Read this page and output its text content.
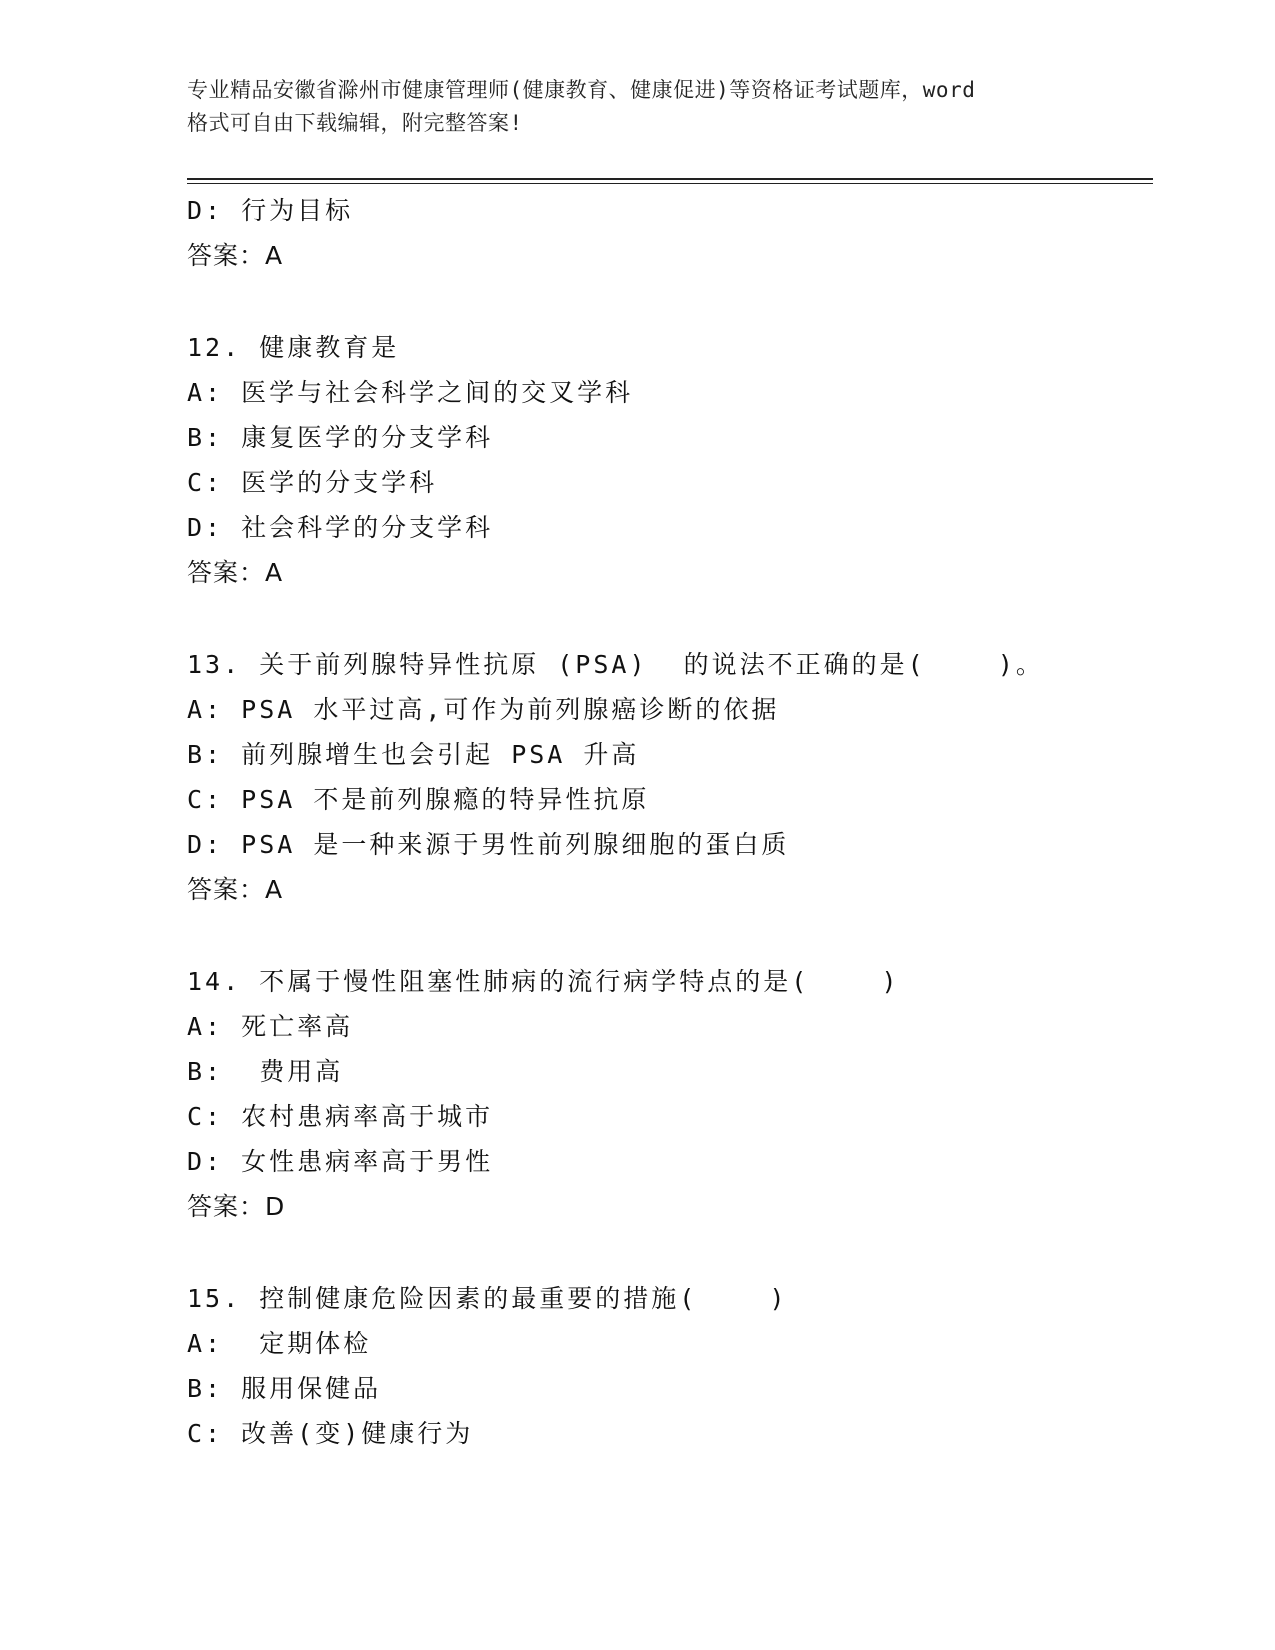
专业精品安徽省滁州市健康管理师(健康教育、健康促进)等资格证考试题库，word
格式可自由下载编辑，附完整答案!
D: 行为目标
答案：A
12. 健康教育是
A: 医学与社会科学之间的交叉学科
B: 康复医学的分支学科
C: 医学的分支学科
D: 社会科学的分支学科
答案：A
13. 关于前列腺特异性抗原 (PSA)  的说法不正确的是(    )。
A: PSA 水平过高,可作为前列腺癌诊断的依据
B: 前列腺增生也会引起 PSA 升高
C: PSA 不是前列腺瘾的特异性抗原
D: PSA 是一种来源于男性前列腺细胞的蛋白质
答案：A
14. 不属于慢性阻塞性肺病的流行病学特点的是(    )
A: 死亡率高
B:  费用高
C: 农村患病率高于城市
D: 女性患病率高于男性
答案：D
15. 控制健康危险因素的最重要的措施(    )
A:  定期体检
B: 服用保健品
C: 改善(变)健康行为
